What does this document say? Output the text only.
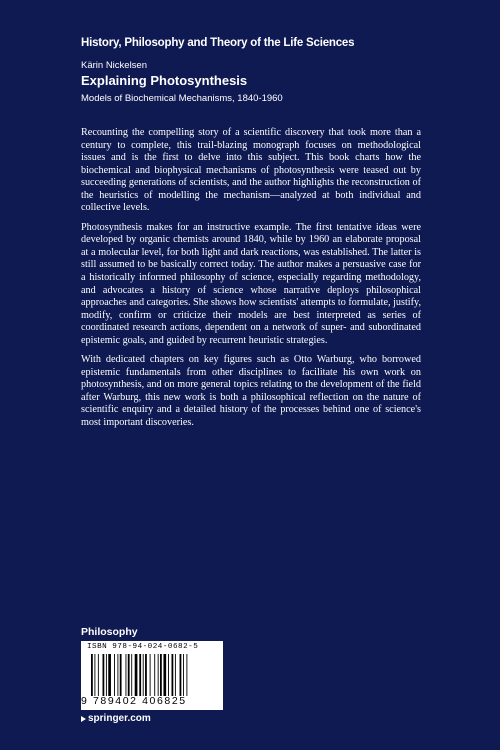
History, Philosophy and Theory of the Life Sciences
Kärin Nickelsen
Explaining Photosynthesis
Models of Biochemical Mechanisms, 1840-1960

Recounting the compelling story of a scientific discovery that took more than a century to complete, this trail-blazing monograph focuses on methodological issues and is the first to delve into this subject. This book charts how the biochemical and biophysical mechanisms of photosynthesis were teased out by succeeding generations of scientists, and the author highlights the reconstruction of the heuristics of modelling the mechanism—analyzed at both individual and collective levels.

Photosynthesis makes for an instructive example. The first tentative ideas were developed by organic chemists around 1840, while by 1960 an elaborate proposal at a molecular level, for both light and dark reactions, was established. The latter is still assumed to be basically correct today. The author makes a persuasive case for a historically informed philosophy of science, especially regarding methodology, and advocates a history of science whose narrative deploys philosophical approaches and categories. She shows how scientists' attempts to formulate, justify, modify, confirm or criticize their models are best interpreted as series of coordinated research actions, dependent on a network of super- and subordinated epistemic goals, and guided by recurrent heuristic strategies.

With dedicated chapters on key figures such as Otto Warburg, who borrowed epistemic fundamentals from other disciplines to facilitate his own work on photosynthesis, and on more general topics relating to the development of the field after Warburg, this new work is both a philosophical reflection on the nature of scientific enquiry and a detailed history of the processes behind one of science's most important discoveries.

Philosophy
ISBN 978-94-024-0682-5
9 789402 406825
springer.com
